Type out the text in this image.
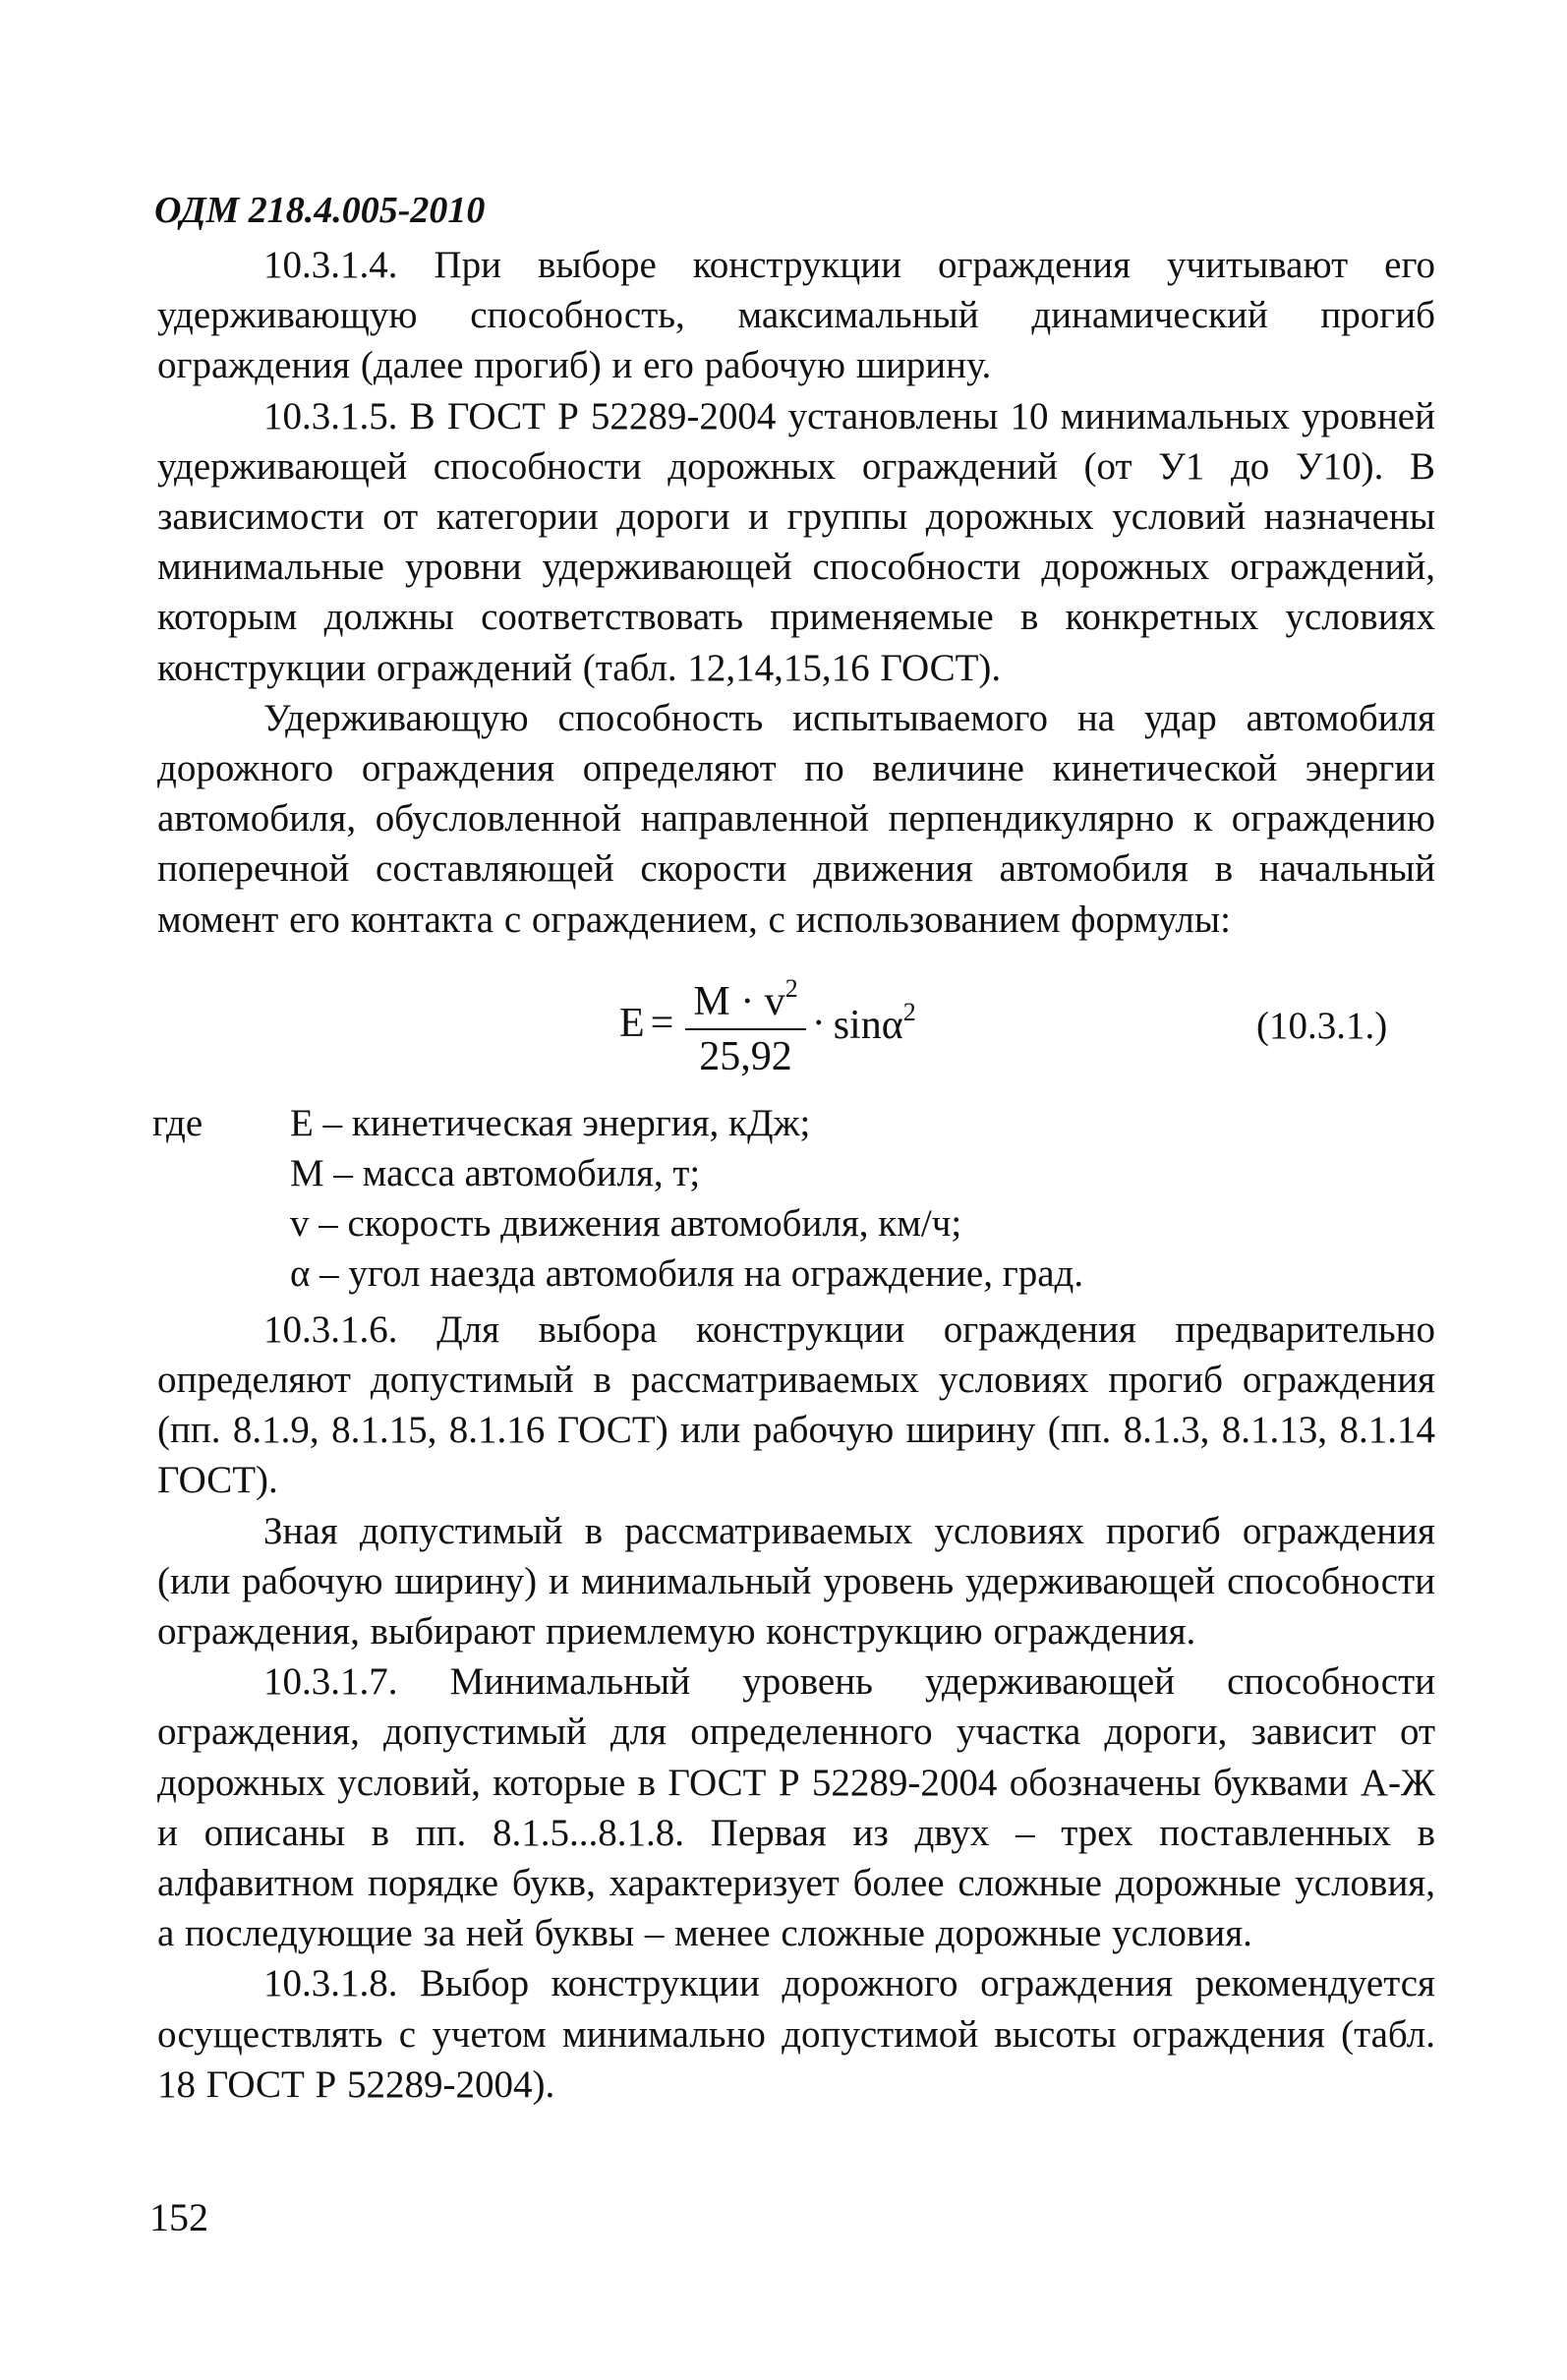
ОДМ 218.4.005-2010

10.3.1.4. При выборе конструкции ограждения учитывают его удерживающую способность, максимальный динамический прогиб ограждения (далее прогиб) и его рабочую ширину.

10.3.1.5. В ГОСТ Р 52289-2004 установлены 10 минимальных уровней удерживающей способности дорожных ограждений (от У1 до У10). В зависимости от категории дороги и группы дорожных условий назначены минимальные уровни удерживающей способности дорожных ограждений, которым должны соответствовать применяемые в конкретных условиях конструкции ограждений (табл. 12,14,15,16 ГОСТ).

Удерживающую способность испытываемого на удар автомобиля дорожного ограждения определяют по величине кинетической энергии автомобиля, обусловленной направленной перпендикулярно к ограждению поперечной составляющей скорости движения автомобиля в начальный момент его контакта с ограждением, с использованием формулы:

$E = \frac{M \cdot v^2}{25,92} \cdot \sin\alpha^2$	(10.3.1.)
где E – кинетическая энергия, кДж;
M – масса автомобиля, т;
v – скорость движения автомобиля, км/ч;
α – угол наезда автомобиля на ограждение, град.

10.3.1.6. Для выбора конструкции ограждения предварительно определяют допустимый в рассматриваемых условиях прогиб ограждения (пп. 8.1.9, 8.1.15, 8.1.16 ГОСТ) или рабочую ширину (пп. 8.1.3, 8.1.13, 8.1.14 ГОСТ).

Зная допустимый в рассматриваемых условиях прогиб ограждения (или рабочую ширину) и минимальный уровень удерживающей способности ограждения, выбирают приемлемую конструкцию ограждения.

10.3.1.7. Минимальный уровень удерживающей способности ограждения, допустимый для определенного участка дороги, зависит от дорожных условий, которые в ГОСТ Р 52289-2004 обозначены буквами А-Ж и описаны в пп. 8.1.5...8.1.8. Первая из двух – трех поставленных в алфавитном порядке букв, характеризует более сложные дорожные условия, а последующие за ней буквы – менее сложные дорожные условия.

10.3.1.8. Выбор конструкции дорожного ограждения рекомендуется осуществлять с учетом минимально допустимой высоты ограждения (табл. 18 ГОСТ Р 52289-2004).

152
